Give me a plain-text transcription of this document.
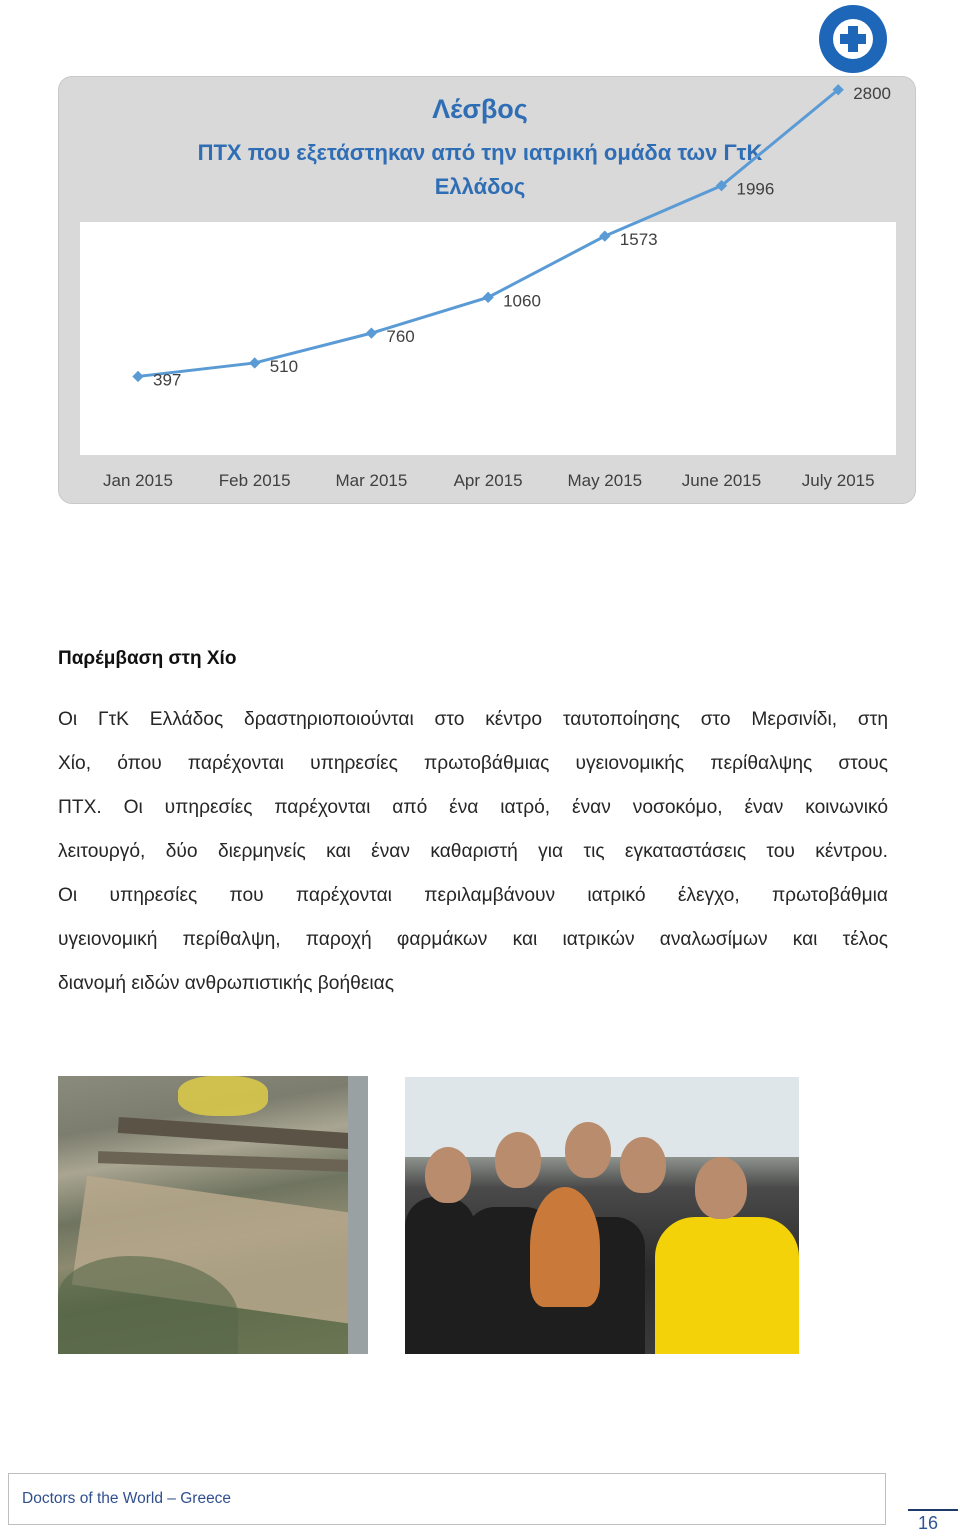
Λέσβος
ΠΤΧ που εξετάστηκαν από την ιατρική ομάδα των ΓτΚ
Ελλάδος
397
Jan 2015
510
Feb 2015
760
Mar 2015
1060
Apr 2015
1573
May 2015
1996
June 2015
2800
July 2015
Παρέμβαση στη Χίο
Οι ΓτΚ Ελλάδος δραστηριοποιούνται στο κέντρο ταυτοποίησης στο Μερσινίδι, στη
Χίο, όπου παρέχονται υπηρεσίες πρωτοβάθμιας υγειονομικής περίθαλψης στους
ΠΤΧ. Οι υπηρεσίες παρέχονται από ένα ιατρό, έναν νοσοκόμο, έναν κοινωνικό
λειτουργό, δύο διερμηνείς και έναν καθαριστή για τις εγκαταστάσεις του κέντρου.
Οι υπηρεσίες που παρέχονται περιλαμβάνουν ιατρικό έλεγχο, πρωτοβάθμια
υγειονομική περίθαλψη, παροχή φαρμάκων και ιατρικών αναλωσίμων και τέλος
διανομή ειδών ανθρωπιστικής βοήθειας
Doctors of the World – Greece
16
